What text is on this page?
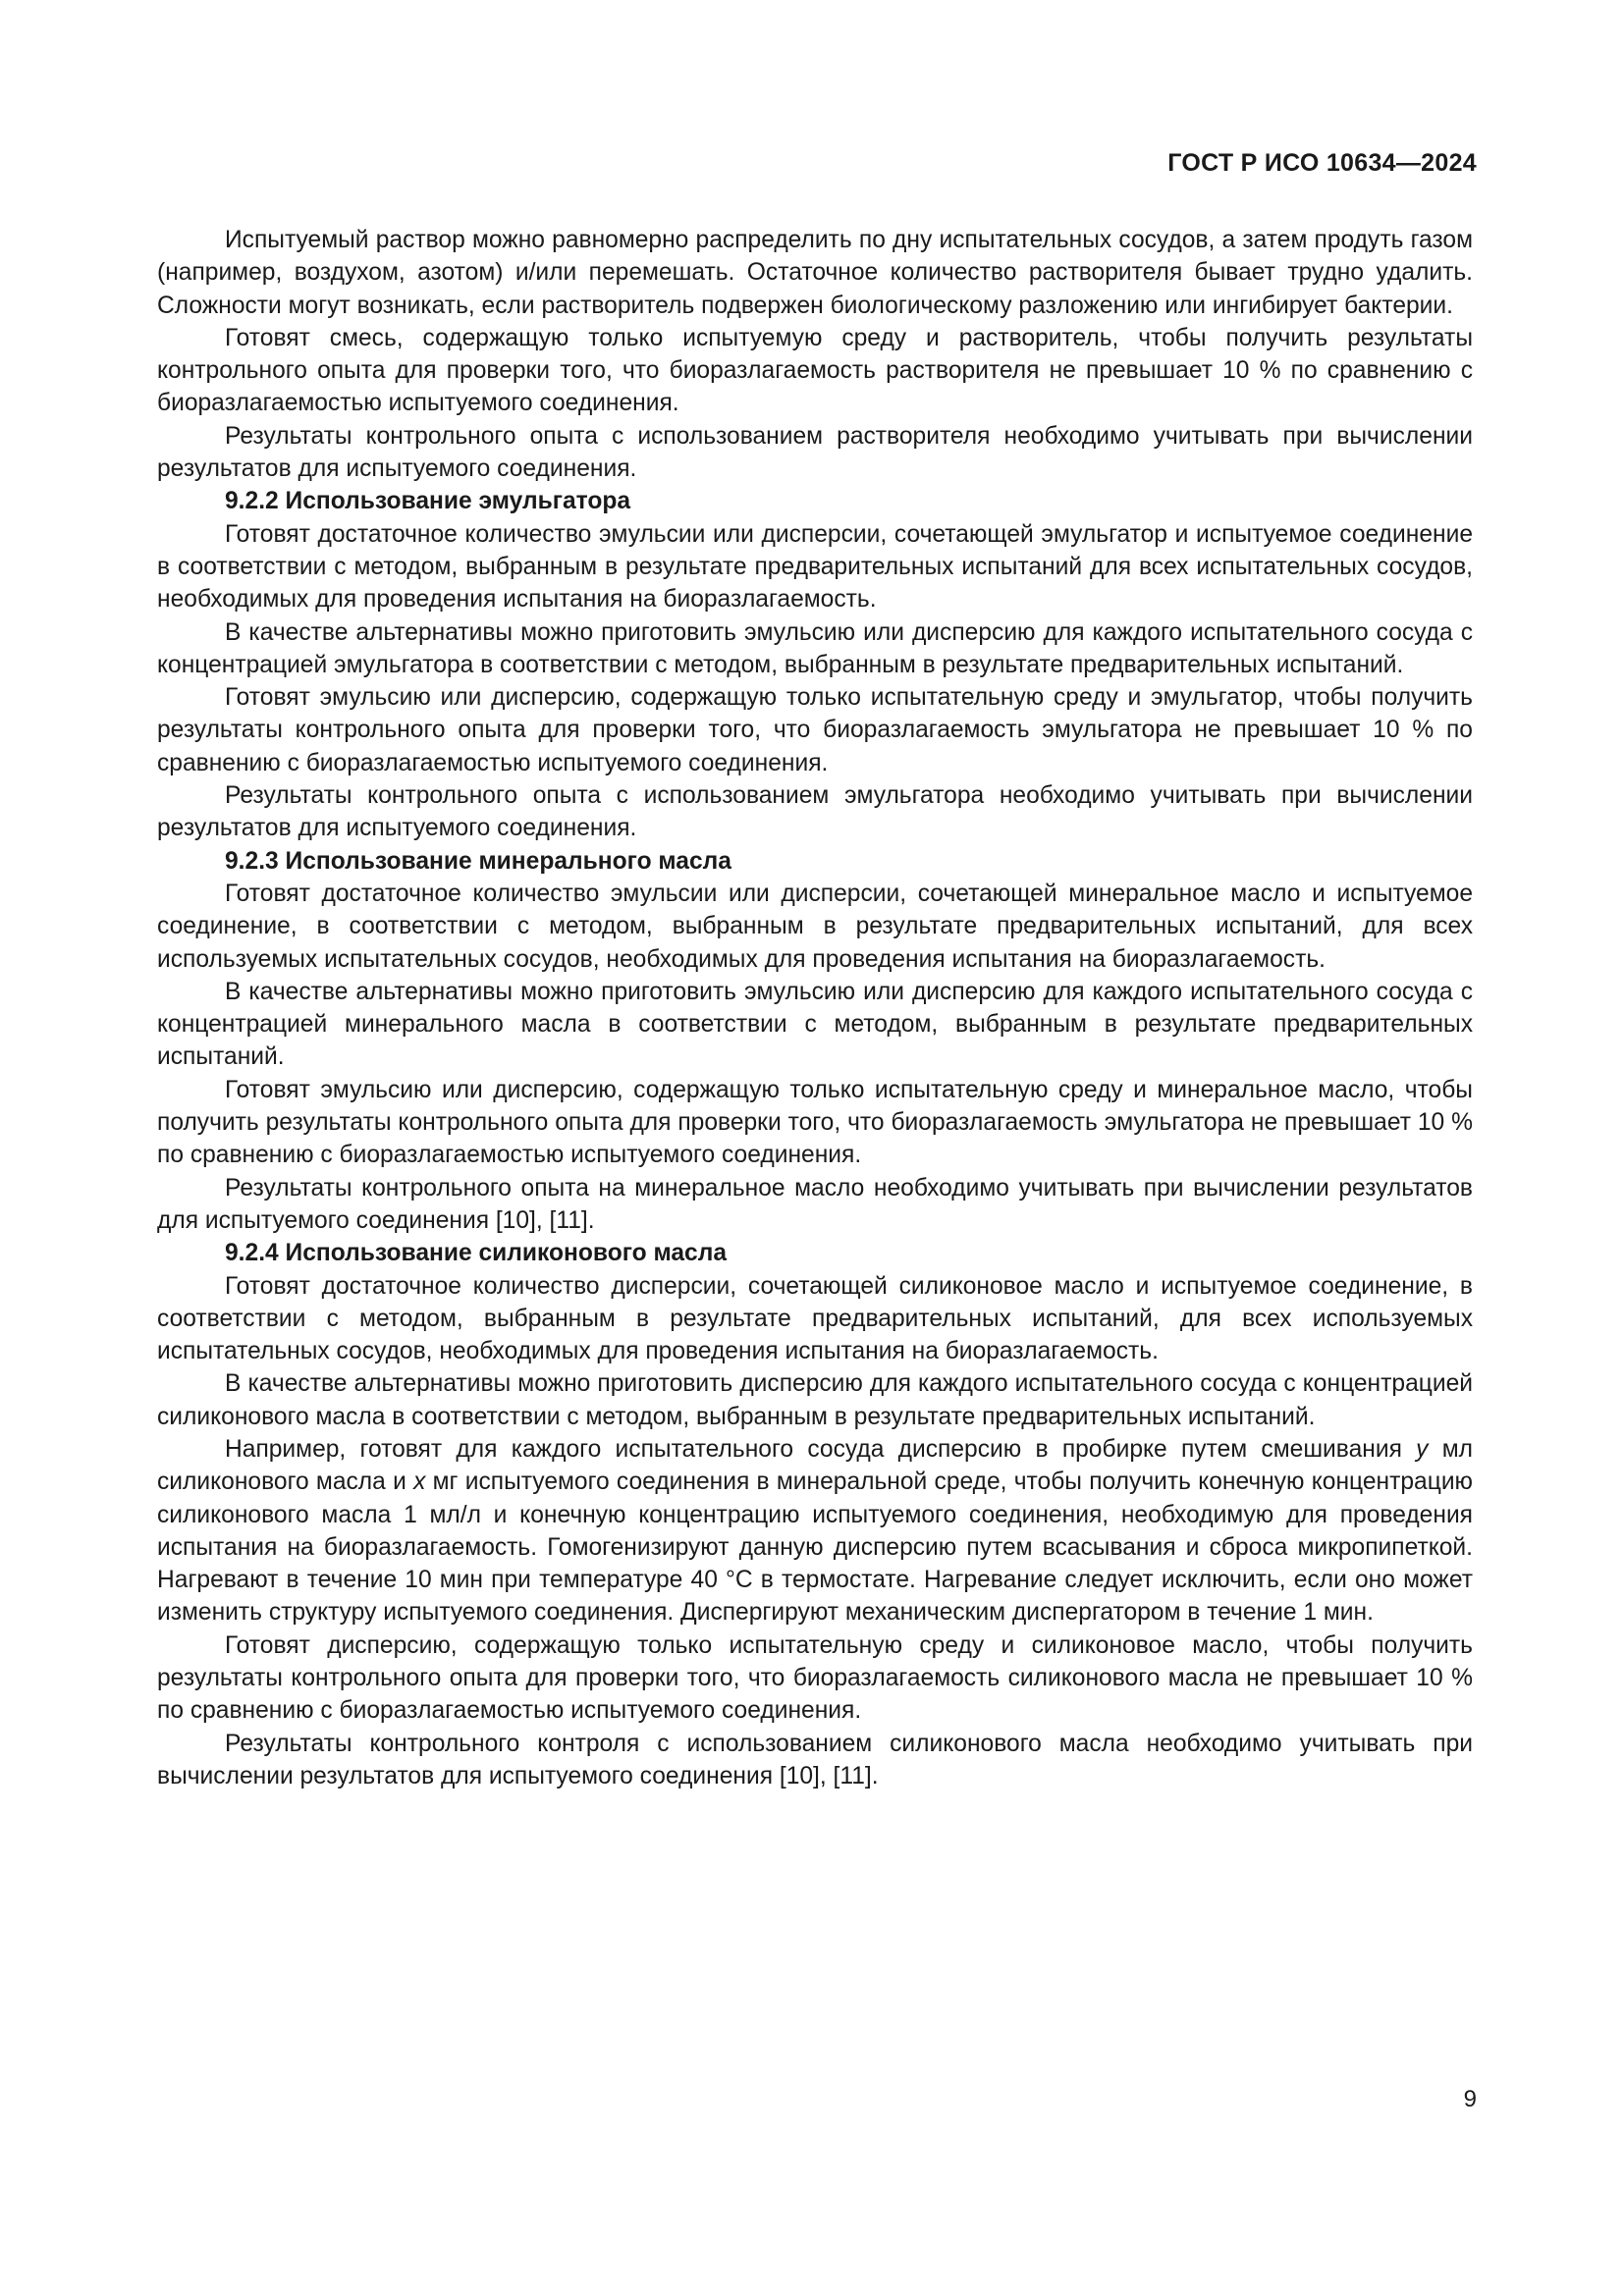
ГОСТ Р ИСО 10634—2024

Испытуемый раствор можно равномерно распределить по дну испытательных сосудов, а затем продуть газом (например, воздухом, азотом) и/или перемешать. Остаточное количество растворителя бывает трудно удалить. Сложности могут возникать, если растворитель подвержен биологическому разложению или ингибирует бактерии.

Готовят смесь, содержащую только испытуемую среду и растворитель, чтобы получить результаты контрольного опыта для проверки того, что биоразлагаемость растворителя не превышает 10 % по сравнению с биоразлагаемостью испытуемого соединения.

Результаты контрольного опыта с использованием растворителя необходимо учитывать при вычислении результатов для испытуемого соединения.

9.2.2 Использование эмульгатора

Готовят достаточное количество эмульсии или дисперсии, сочетающей эмульгатор и испытуемое соединение в соответствии с методом, выбранным в результате предварительных испытаний для всех испытательных сосудов, необходимых для проведения испытания на биоразлагаемость.

В качестве альтернативы можно приготовить эмульсию или дисперсию для каждого испытательного сосуда с концентрацией эмульгатора в соответствии с методом, выбранным в результате предварительных испытаний.

Готовят эмульсию или дисперсию, содержащую только испытательную среду и эмульгатор, чтобы получить результаты контрольного опыта для проверки того, что биоразлагаемость эмульгатора не превышает 10 % по сравнению с биоразлагаемостью испытуемого соединения.

Результаты контрольного опыта с использованием эмульгатора необходимо учитывать при вычислении результатов для испытуемого соединения.

9.2.3 Использование минерального масла

Готовят достаточное количество эмульсии или дисперсии, сочетающей минеральное масло и испытуемое соединение, в соответствии с методом, выбранным в результате предварительных испытаний, для всех используемых испытательных сосудов, необходимых для проведения испытания на биоразлагаемость.

В качестве альтернативы можно приготовить эмульсию или дисперсию для каждого испытательного сосуда с концентрацией минерального масла в соответствии с методом, выбранным в результате предварительных испытаний.

Готовят эмульсию или дисперсию, содержащую только испытательную среду и минеральное масло, чтобы получить результаты контрольного опыта для проверки того, что биоразлагаемость эмульгатора не превышает 10 % по сравнению с биоразлагаемостью испытуемого соединения.

Результаты контрольного опыта на минеральное масло необходимо учитывать при вычислении результатов для испытуемого соединения [10], [11].

9.2.4 Использование силиконового масла

Готовят достаточное количество дисперсии, сочетающей силиконовое масло и испытуемое соединение, в соответствии с методом, выбранным в результате предварительных испытаний, для всех используемых испытательных сосудов, необходимых для проведения испытания на биоразлагаемость.

В качестве альтернативы можно приготовить дисперсию для каждого испытательного сосуда с концентрацией силиконового масла в соответствии с методом, выбранным в результате предварительных испытаний.

Например, готовят для каждого испытательного сосуда дисперсию в пробирке путем смешивания y мл силиконового масла и x мг испытуемого соединения в минеральной среде, чтобы получить конечную концентрацию силиконового масла 1 мл/л и конечную концентрацию испытуемого соединения, необходимую для проведения испытания на биоразлагаемость. Гомогенизируют данную дисперсию путем всасывания и сброса микропипеткой. Нагревают в течение 10 мин при температуре 40 °С в термостате. Нагревание следует исключить, если оно может изменить структуру испытуемого соединения. Диспергируют механическим диспергатором в течение 1 мин.

Готовят дисперсию, содержащую только испытательную среду и силиконовое масло, чтобы получить результаты контрольного опыта для проверки того, что биоразлагаемость силиконового масла не превышает 10 % по сравнению с биоразлагаемостью испытуемого соединения.

Результаты контрольного контроля с использованием силиконового масла необходимо учитывать при вычислении результатов для испытуемого соединения [10], [11].

9
